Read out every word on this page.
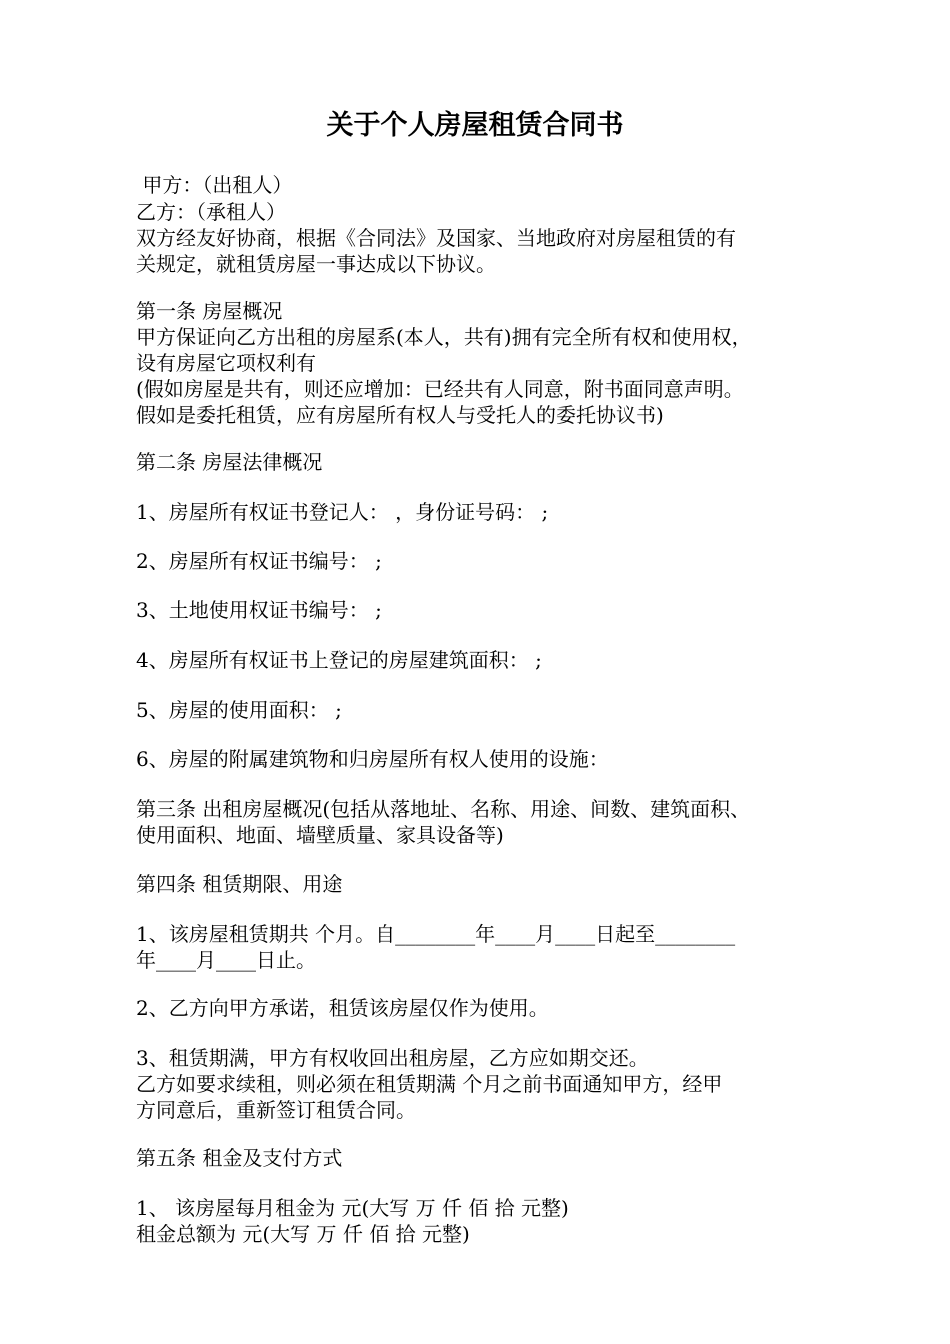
关于个人房屋租赁合同书

甲方：（出租人）

乙方：（承租人）

双方经友好协商，根据《合同法》及国家、当地政府对房屋租赁的有

关规定，就租赁房屋一事达成以下协议。

第一条 房屋概况

甲方保证向乙方出租的房屋系(本人，共有)拥有完全所有权和使用权，

设有房屋它项权利有

(假如房屋是共有，则还应增加：已经共有人同意，附书面同意声明。

假如是委托租赁，应有房屋所有权人与受托人的委托协议书)

第二条 房屋法律概况

1、房屋所有权证书登记人： ，身份证号码： ;

2、房屋所有权证书编号： ;

3、土地使用权证书编号： ;

4、房屋所有权证书上登记的房屋建筑面积： ;

5、房屋的使用面积： ;

6、房屋的附属建筑物和归房屋所有权人使用的设施：

第三条 出租房屋概况(包括从落地址、名称、用途、间数、建筑面积、

使用面积、地面、墙壁质量、家具设备等)

第四条 租赁期限、用途

1、该房屋租赁期共 个月。自________年____月____日起至________

年____月____日止。

2、乙方向甲方承诺，租赁该房屋仅作为使用。

3、租赁期满，甲方有权收回出租房屋，乙方应如期交还。

乙方如要求续租，则必须在租赁期满 个月之前书面通知甲方，经甲

方同意后，重新签订租赁合同。

第五条 租金及支付方式

1、 该房屋每月租金为 元(大写 万 仟 佰 拾 元整)

租金总额为 元(大写 万 仟 佰 拾 元整)
